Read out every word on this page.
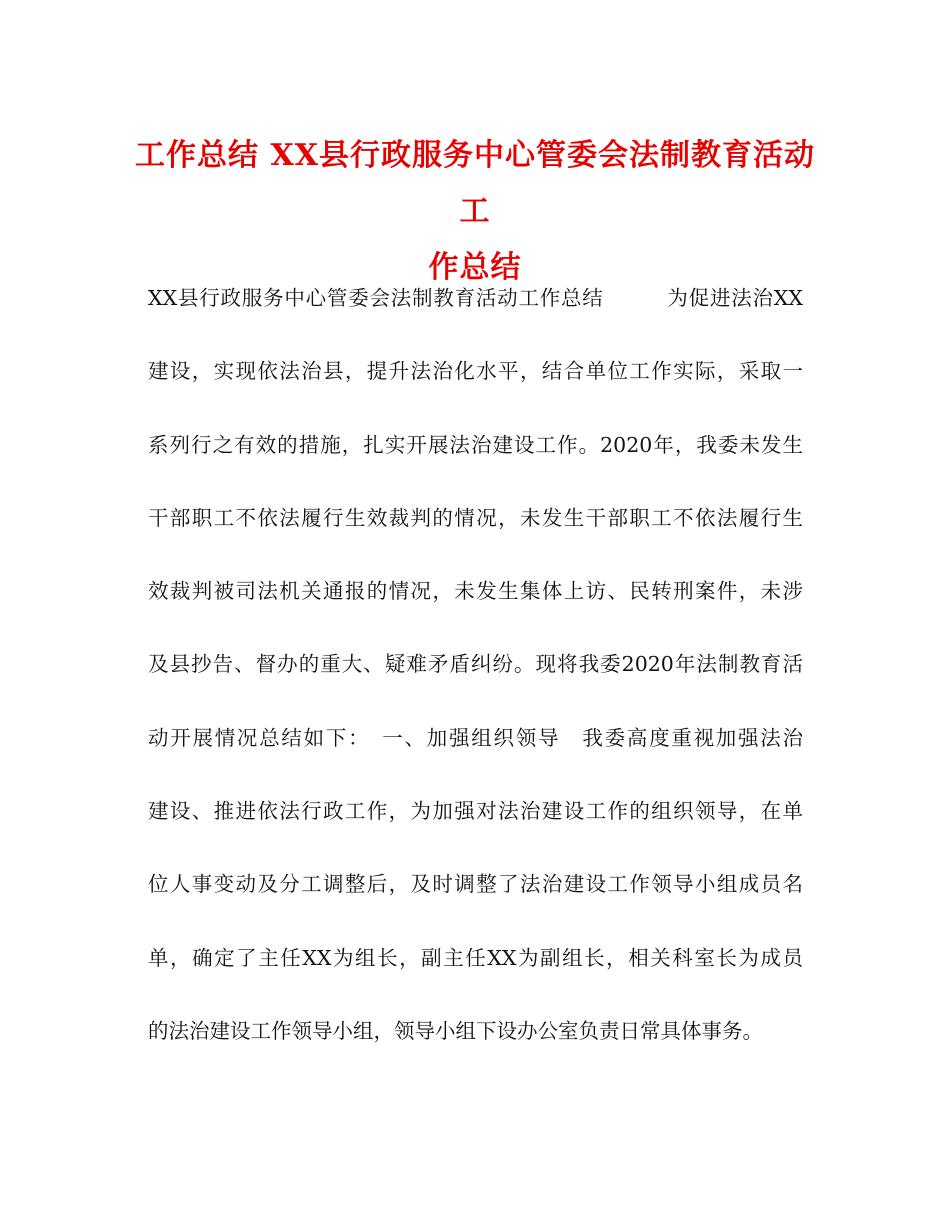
工作总结 XX县行政服务中心管委会法制教育活动工
作总结
XX县行政服务中心管委会法制教育活动工作总结　　　为促进法治XX
建设，实现依法治县，提升法治化水平，结合单位工作实际，采取一
系列行之有效的措施，扎实开展法治建设工作。2020年，我委未发生
干部职工不依法履行生效裁判的情况，未发生干部职工不依法履行生
效裁判被司法机关通报的情况，未发生集体上访、民转刑案件，未涉
及县抄告、督办的重大、疑难矛盾纠纷。现将我委2020年法制教育活
动开展情况总结如下：　一、加强组织领导　我委高度重视加强法治
建设、推进依法行政工作，为加强对法治建设工作的组织领导，在单
位人事变动及分工调整后，及时调整了法治建设工作领导小组成员名
单，确定了主任XX为组长，副主任XX为副组长，相关科室长为成员
的法治建设工作领导小组，领导小组下设办公室负责日常具体事务。
